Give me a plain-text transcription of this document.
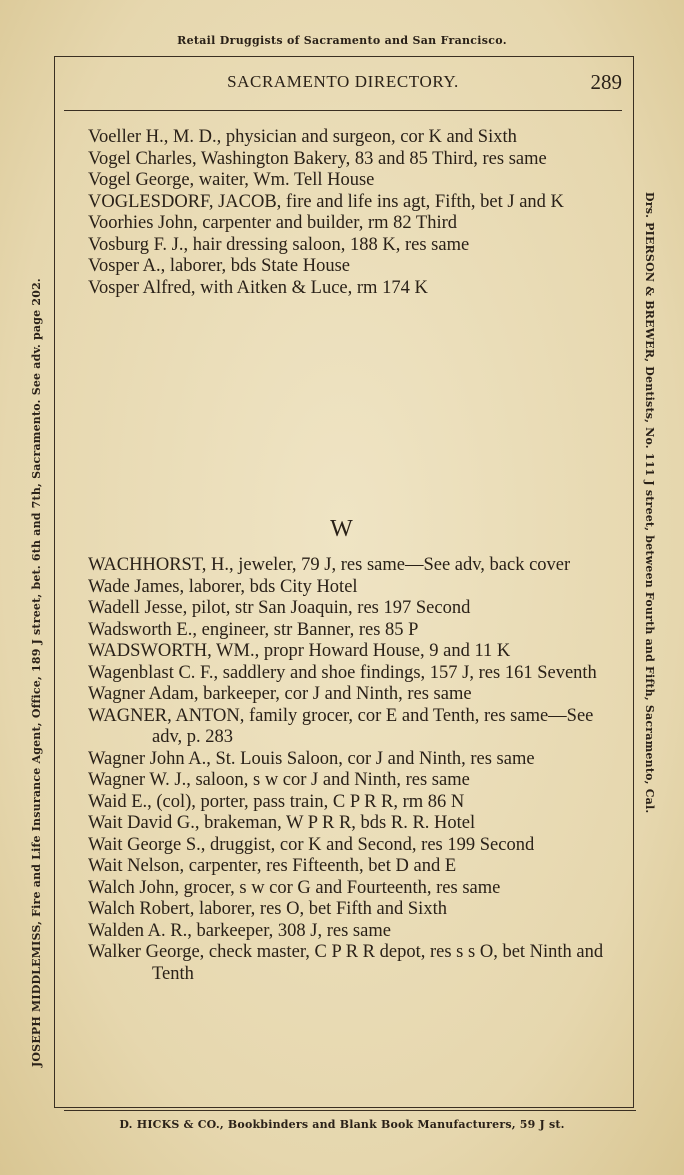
Retail Druggists of Sacramento and San Francisco.
SACRAMENTO DIRECTORY.	289
JOSEPH MIDDLEMISS, Fire and Life Insurance Agent, Office, 189 J street, bet. 6th and 7th, Sacramento. See adv. page 202.	Drs. PIERSON & BREWER, Dentists, No. 111 J street, between Fourth and Fifth, Sacramento, Cal.

Voeller H., M. D., physician and surgeon, cor K and Sixth

Vogel Charles, Washington Bakery, 83 and 85 Third, res same

Vogel George, waiter, Wm. Tell House

VOGLESDORF, JACOB, fire and life ins agt, Fifth, bet J and K

Voorhies John, carpenter and builder, rm 82 Third

Vosburg F. J., hair dressing saloon, 188 K, res same

Vosper A., laborer, bds State House

Vosper Alfred, with Aitken & Luce, rm 174 K

W

WACHHORST, H., jeweler, 79 J, res same—See adv, back cover

Wade James, laborer, bds City Hotel

Wadell Jesse, pilot, str San Joaquin, res 197 Second

Wadsworth E., engineer, str Banner, res 85 P

WADSWORTH, WM., propr Howard House, 9 and 11 K

Wagenblast C. F., saddlery and shoe findings, 157 J, res 161 Seventh

Wagner Adam, barkeeper, cor J and Ninth, res same

WAGNER, ANTON, family grocer, cor E and Tenth, res same—See adv, p. 283

Wagner John A., St. Louis Saloon, cor J and Ninth, res same

Wagner W. J., saloon, s w cor J and Ninth, res same

Waid E., (col), porter, pass train, C P R R, rm 86 N

Wait David G., brakeman, W P R R, bds R. R. Hotel

Wait George S., druggist, cor K and Second, res 199 Second

Wait Nelson, carpenter, res Fifteenth, bet D and E

Walch John, grocer, s w cor G and Fourteenth, res same

Walch Robert, laborer, res O, bet Fifth and Sixth

Walden A. R., barkeeper, 308 J, res same

Walker George, check master, C P R R depot, res s s O, bet Ninth and Tenth

D. HICKS & CO., Bookbinders and Blank Book Manufacturers, 59 J st.
